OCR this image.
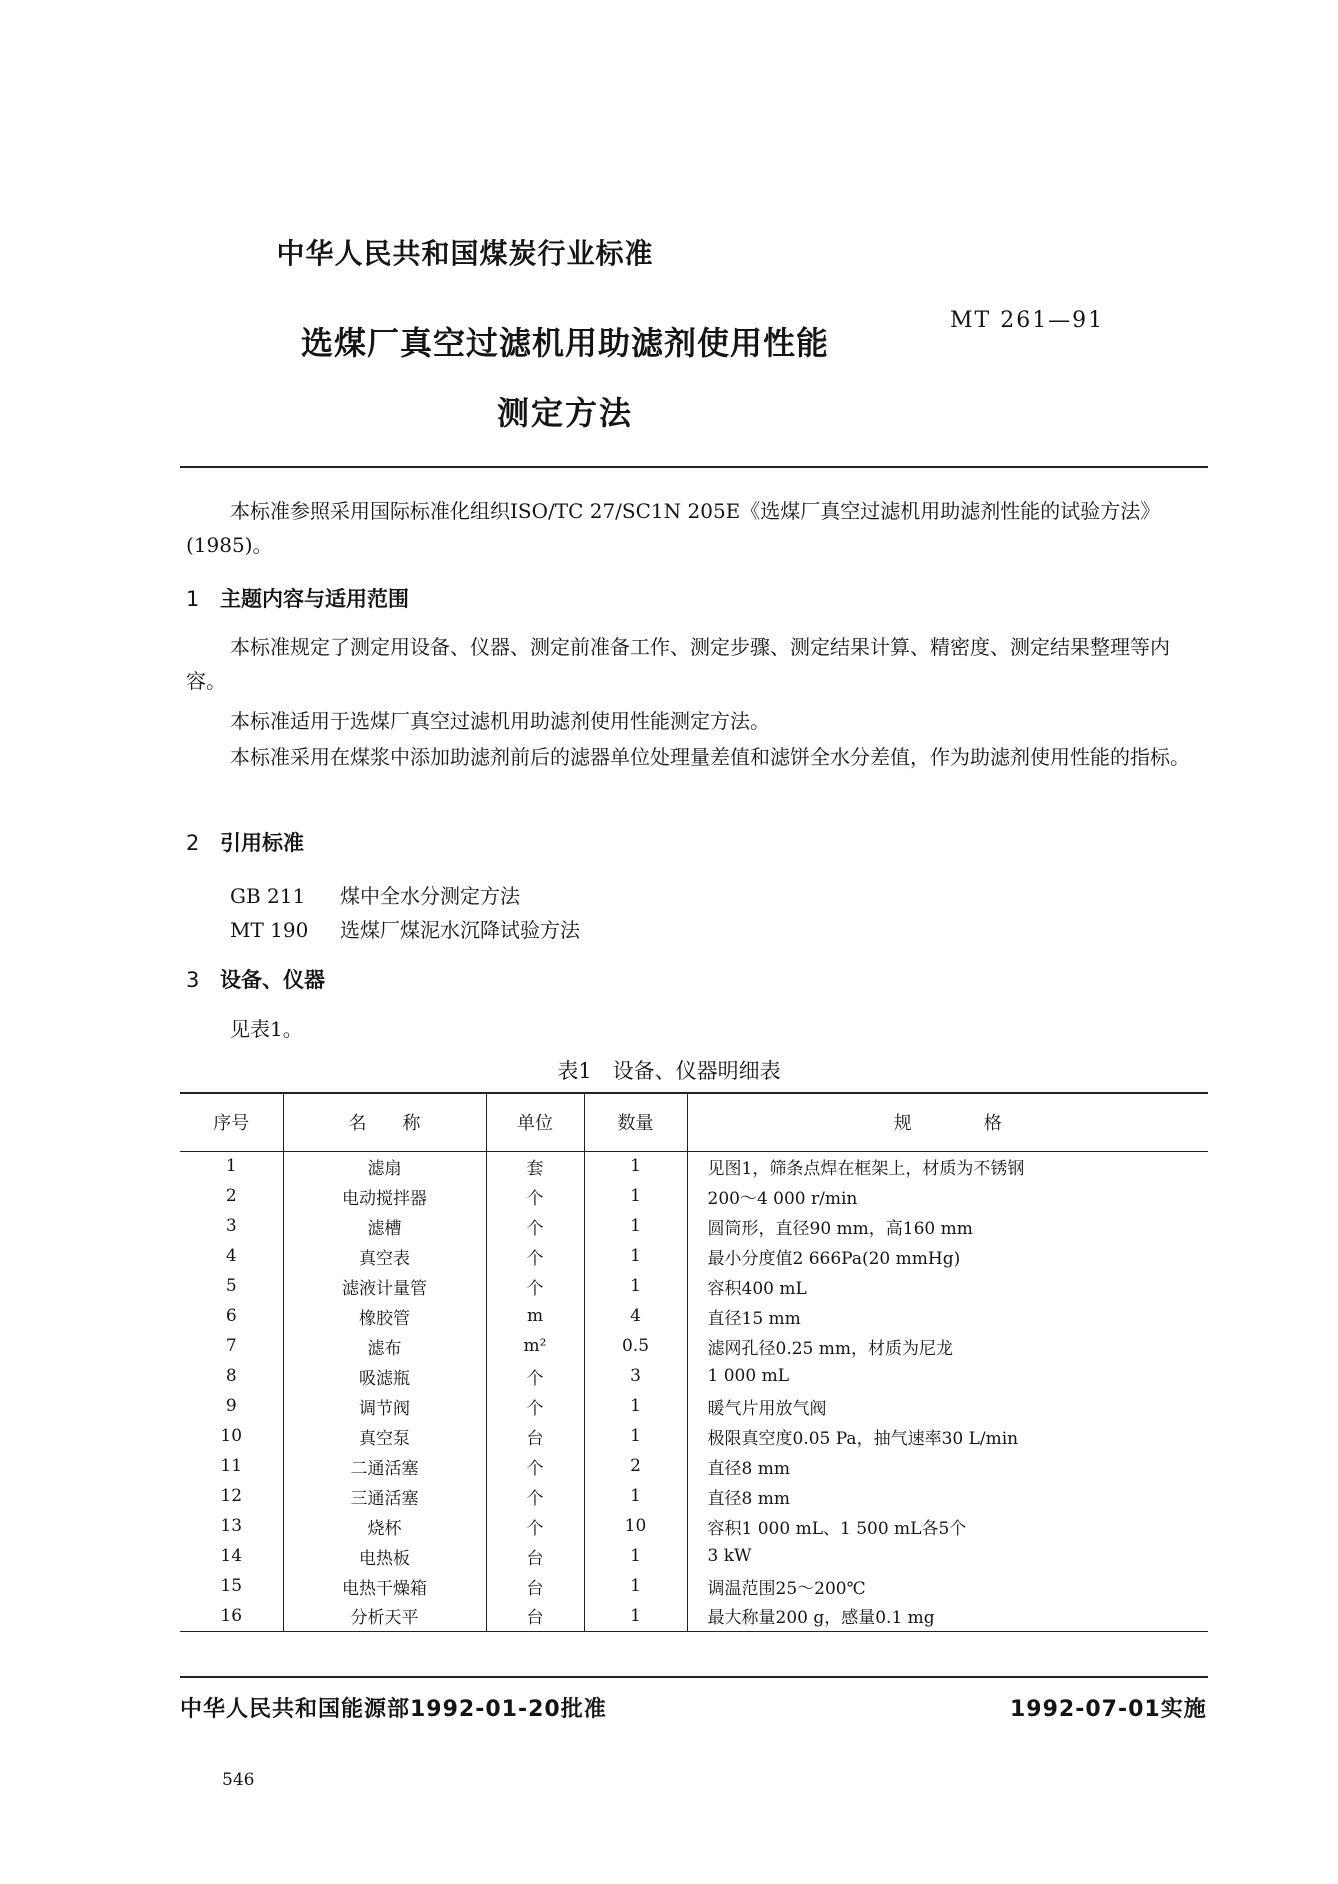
中华人民共和国煤炭行业标准
选煤厂真空过滤机用助滤剂使用性能
测定方法
MT 261—91
本标准参照采用国际标准化组织ISO/TC 27/SC1N 205E《选煤厂真空过滤机用助滤剂性能的试验方法》(1985)。
1 主题内容与适用范围
本标准规定了测定用设备、仪器、测定前准备工作、测定步骤、测定结果计算、精密度、测定结果整理等内容。
本标准适用于选煤厂真空过滤机用助滤剂使用性能测定方法。
本标准采用在煤浆中添加助滤剂前后的滤器单位处理量差值和滤饼全水分差值，作为助滤剂使用性能的指标。
2 引用标准
GB 211 煤中全水分测定方法
MT 190 选煤厂煤泥水沉降试验方法
3 设备、仪器
见表1。
表1　设备、仪器明细表
序号	名　　称	单位	数量	规　　　　格
1	滤扇	套	1	见图1，筛条点焊在框架上，材质为不锈钢
2	电动搅拌器	个	1	200～4 000 r/min
3	滤槽	个	1	圆筒形，直径90 mm，高160 mm
4	真空表	个	1	最小分度值2 666Pa(20 mmHg)
5	滤液计量管	个	1	容积400 mL
6	橡胶管	m	4	直径15 mm
7	滤布	m²	0.5	滤网孔径0.25 mm，材质为尼龙
8	吸滤瓶	个	3	1 000 mL
9	调节阀	个	1	暖气片用放气阀
10	真空泵	台	1	极限真空度0.05 Pa，抽气速率30 L/min
11	二通活塞	个	2	直径8 mm
12	三通活塞	个	1	直径8 mm
13	烧杯	个	10	容积1 000 mL、1 500 mL各5个
14	电热板	台	1	3 kW
15	电热干燥箱	台	1	调温范围25～200℃
16	分析天平	台	1	最大称量200 g，感量0.1 mg
中华人民共和国能源部1992-01-20批准	1992-07-01实施
546
